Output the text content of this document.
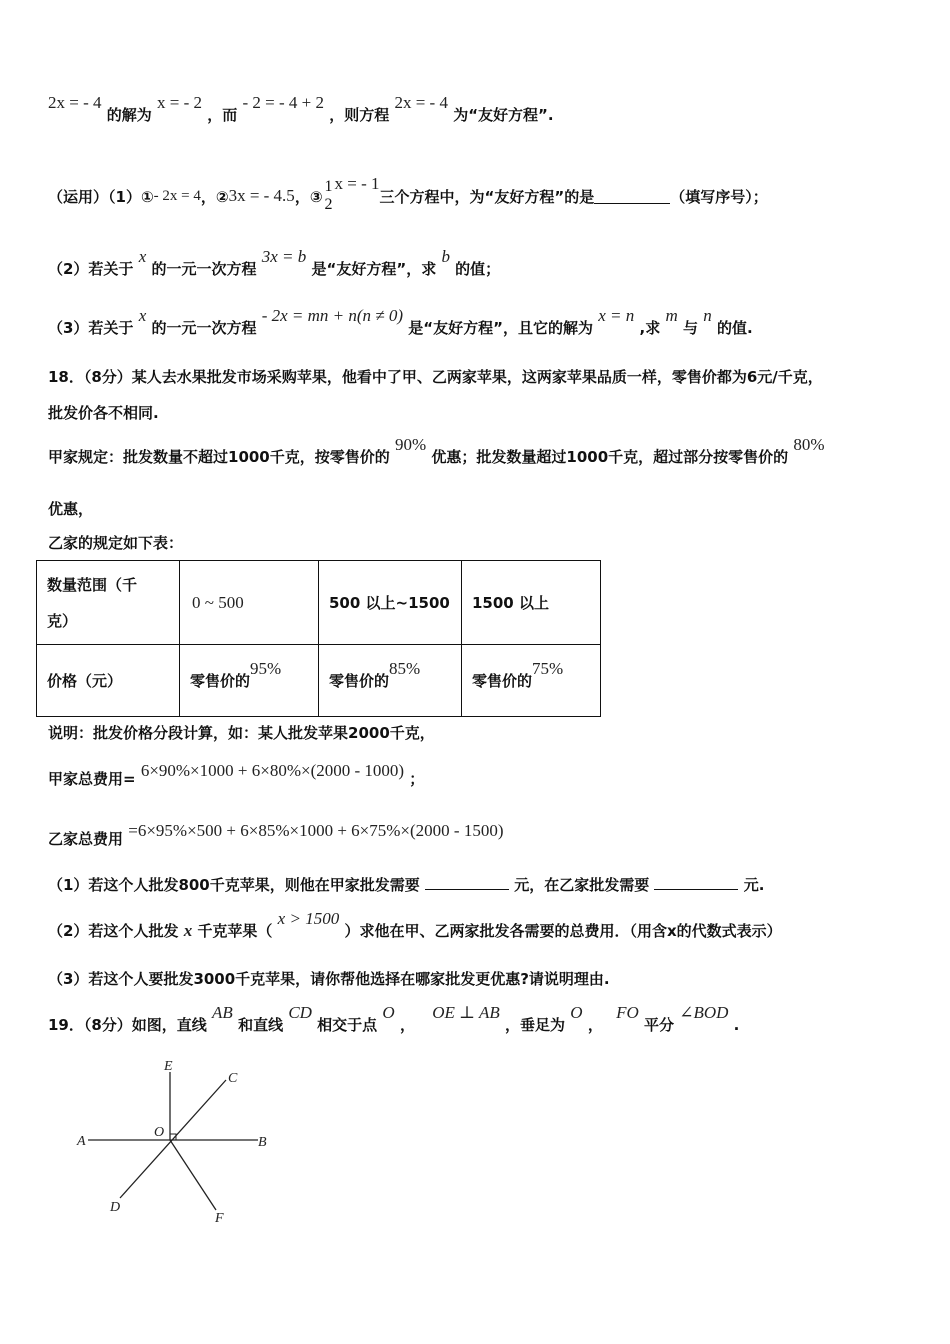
2x = - 4 的解为 x = - 2 ，而 - 2 = - 4 + 2 ，则方程 2x = - 4 为“友好方程”.
（运用）（1）① - 2x = 4 ，② 3x = - 4.5 ，③
1
2
x = - 1
三个方程中，为“友好方程”的是	（填写序号）；
（2）若关于 x 的一元一次方程 3x = b 是“友好方程”，求 b 的值；
（3）若关于 x 的一元一次方程 - 2x = mn + n(n ≠ 0) 是“友好方程”，且它的解为 x = n ,求 m 与 n 的值.
18．（8分）某人去水果批发市场采购苹果，他看中了甲、乙两家苹果，这两家苹果品质一样，零售价都为6元/千克，
批发价各不相同.
甲家规定：批发数量不超过1000千克，按零售价的 90% 优惠；批发数量超过1000千克，超过部分按零售价的 80%
优惠，
乙家的规定如下表：
数量范围（千
克）	0 ~ 500	500 以上~1500	1500 以上
价格（元）	零售价的95%	零售价的85%	零售价的75%
说明：批发价格分段计算，如：某人批发苹果2000千克，
甲家总费用= 6×90%×1000 + 6×80%×(2000 - 1000) ；
乙家总费用 =6×95%×500 + 6×85%×1000 + 6×75%×(2000 - 1500)
（1）若这个人批发800千克苹果，则他在甲家批发需要	元，在乙家批发需要	元.
（2）若这个人批发 x 千克苹果（ x > 1500 ）求他在甲、乙两家批发各需要的总费用．（用含x的代数式表示）
（3）若这个人要批发3000千克苹果，请你帮他选择在哪家批发更优惠?请说明理由.
19．（8分）如图，直线 AB 和直线 CD 相交于点 O ， OE ⊥ AB ，垂足为 O ， FO 平分 ∠BOD .
A	B
C
D
E
F
O
